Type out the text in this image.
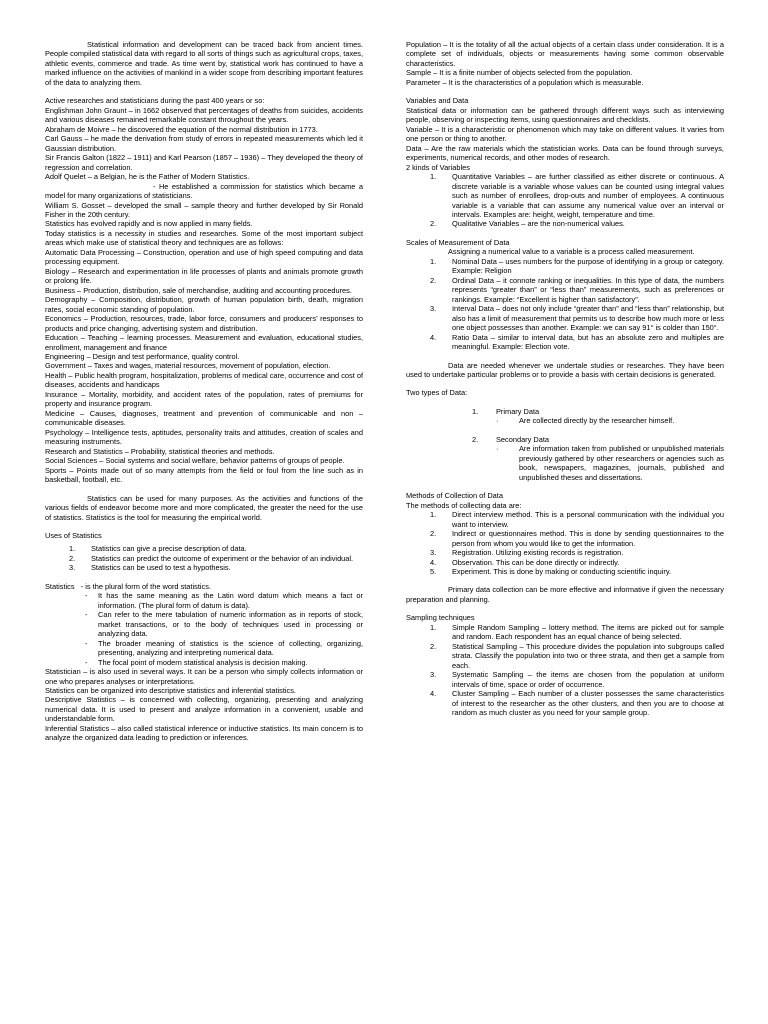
Statistical information and development can be traced back from ancient times. People compiled statistical data with regard to all sorts of things such as agricultural crops, taxes, athletic events, commerce and trade. As time went by, statistical work has continued to have a marked influence on the activities of mankind in a wider scope from describing important features of the data to analyzing them.

Active researches and statisticians during the past 400 years or so:

Englishman John Graunt – in 1662 observed that percentages of deaths from suicides, accidents and various diseases remained remarkable constant throughout the years.

Abraham de Moivre – he discovered the equation of the normal distribution in 1773.

Carl Gauss – he made the derivation from study of errors in repeated measurements which led it Gaussian distribution.

Sir Francis Galton (1822 – 1911) and Karl Pearson (1857 – 1936) – They developed the theory of regression and correlation.

Adolf Quelet – a Belgian, he is the Father of Modern Statistics.

- He established a commission for statistics which became a model for many organizations of statisticians.

William S. Gosset – developed the small – sample theory and further developed by Sir Ronald Fisher in the 20th century.

Statistics has evolved rapidly and is now applied in many fields.

Today statistics is a necessity in studies and researches. Some of the most important subject areas which make use of statistical theory and techniques are as follows:

Automatic Data Processing – Construction, operation and use of high speed computing and data processing equipment.

Biology – Research and experimentation in life processes of plants and animals promote growth or prolong life.

Business – Production, distribution, sale of merchandise, auditing and accounting procedures.

Demography – Composition, distribution, growth of human population birth, death, migration rates, social economic standing of population.

Economics – Production, resources, trade, labor force, consumers and producers’ responses to products and price changing, advertising system and distribution.

Education – Teaching – learning processes. Measurement and evaluation, educational studies, enrollment, management and finance

Engineering – Design and test performance, quality control.

Government – Taxes and wages, material resources, movement of population, election.

Health – Public health program, hospitalization, problems of medical care, occurrence and cost of diseases, accidents and handicaps

Insurance – Mortality, morbidity, and accident rates of the population, rates of premiums for property and insurance program.

Medicine – Causes, diagnoses, treatment and prevention of communicable and non – communicable diseases.

Psychology – Intelligence tests, aptitudes, personality traits and attitudes, creation of scales and measuring instruments.

Research and Statistics – Probability, statistical theories and methods.

Social Sciences – Social systems and social welfare, behavior patterns of groups of people.

Sports – Points made out of so many attempts from the field or foul from the line such as in basketball, football, etc.

Statistics can be used for many purposes. As the activities and functions of the various fields of endeavor become more and more complicated, the greater the need for the use of statistics. Statistics is the tool for measuring the empirical world.

Uses of Statistics

1.	Statistics can give a precise description of data.
2.	Statistics can predict the outcome of experiment or the behavior of an individual.
3.	Statistics can be used to test a hypothesis.

Statistics - is the plural form of the word statistics.

-	It has the same meaning as the Latin word datum which means a fact or information. (The plural form of datum is data).
-	Can refer to the mere tabulation of numeric information as in reports of stock, market transactions, or to the body of techniques used in processing or analyzing data.
-	The broader meaning of statistics is the science of collecting, organizing, presenting, analyzing and interpreting numerical data.
-	The focal point of modern statistical analysis is decision making.

Statistician – is also used in several ways. It can be a person who simply collects information or one who prepares analyses or interpretations.

Statistics can be organized into descriptive statistics and inferential statistics.

Descriptive Statistics – is concerned with collecting, organizing, presenting and analyzing numerical data. It is used to present and analyze information in a convenient, usable and understandable form.

Inferential Statistics – also called statistical inference or inductive statistics. Its main concern is to analyze the organized data leading to prediction or inferences.

Population – It is the totality of all the actual objects of a certain class under consideration. It is a complete set of individuals, objects or measurements having some common observable characteristics.

Sample – It is a finite number of objects selected from the population.

Parameter – It is the characteristics of a population which is measurable.

Variables and Data

Statistical data or information can be gathered through different ways such as interviewing people, observing or inspecting items, using questionnaires and checklists.

Variable – It is a characteristic or phenomenon which may take on different values. It varies from one person or thing to another.

Data – Are the raw materials which the statistician works. Data can be found through surveys, experiments, numerical records, and other modes of research.

2 kinds of Variables

1.	Quantitative Variables – are further classified as either discrete or continuous. A discrete variable is a variable whose values can be counted using integral values such as number of enrollees, drop-outs and number of employees. A continuous variable is a variable that can assume any numerical value over an interval or intervals. Examples are: height, weight, temperature and time.
2.	Qualitative Variables – are the non-numerical values.

Scales of Measurement of Data

Assigning a numerical value to a variable is a process called measurement.

1.	Nominal Data – uses numbers for the purpose of identifying in a group or category. Example: Religion
2.	Ordinal Data – it connote ranking or inequalities. In this type of data, the numbers represents “greater than” or “less than” measurements, such as preferences or rankings. Example: “Excellent is higher than satisfactory”.
3.	Interval Data – does not only include “greater than” and “less than” relationship, but also has a limit of measurement that permits us to describe how much more or less one object possesses than another. Example: we can say 91° is colder than 150°.
4.	Ratio Data – similar to interval data, but has an absolute zero and multiples are meaningful. Example: Election vote.

Data are needed whenever we undertale studies or researches. They have been used to undertake particular problems or to provide a basis with certain decisions is generated.

Two types of Data:

1.	Primary Data
·	Are collected directly by the researcher himself.
2.	Secondary Data
·	Are information taken from published or unpublished materials previously gathered by other researchers or agencies such as book, newspapers, magazines, journals, published and unpublished theses and dissertations.

Methods of Collection of Data

The methods of collecting data are:

1.	Direct interview method. This is a personal communication with the individual you want to interview.
2.	Indirect or questionnaires method. This is done by sending questionnaires to the person from whom you would like to get the information.
3.	Registration. Utilizing existing records is registration.
4.	Observation. This can be done directly or indirectly.
5.	Experiment. This is done by making or conducting scientific inquiry.

Primary data collection can be more effective and informative if given the necessary preparation and planning.

Sampling techniques

1.	Simple Random Sampling – lottery method. The items are picked out for sample and random. Each respondent has an equal chance of being selected.
2.	Statistical Sampling – This procedure divides the population into subgroups called strata. Classify the population into two or three strata, and then get a sample from each.
3.	Systematic Sampling – the items are chosen from the population at uniform intervals of time, space or order of occurrence.
4.	Cluster Sampling – Each number of a cluster possesses the same characteristics of interest to the researcher as the other clusters, and then you are to choose at random as much cluster as you need for your sample group.
